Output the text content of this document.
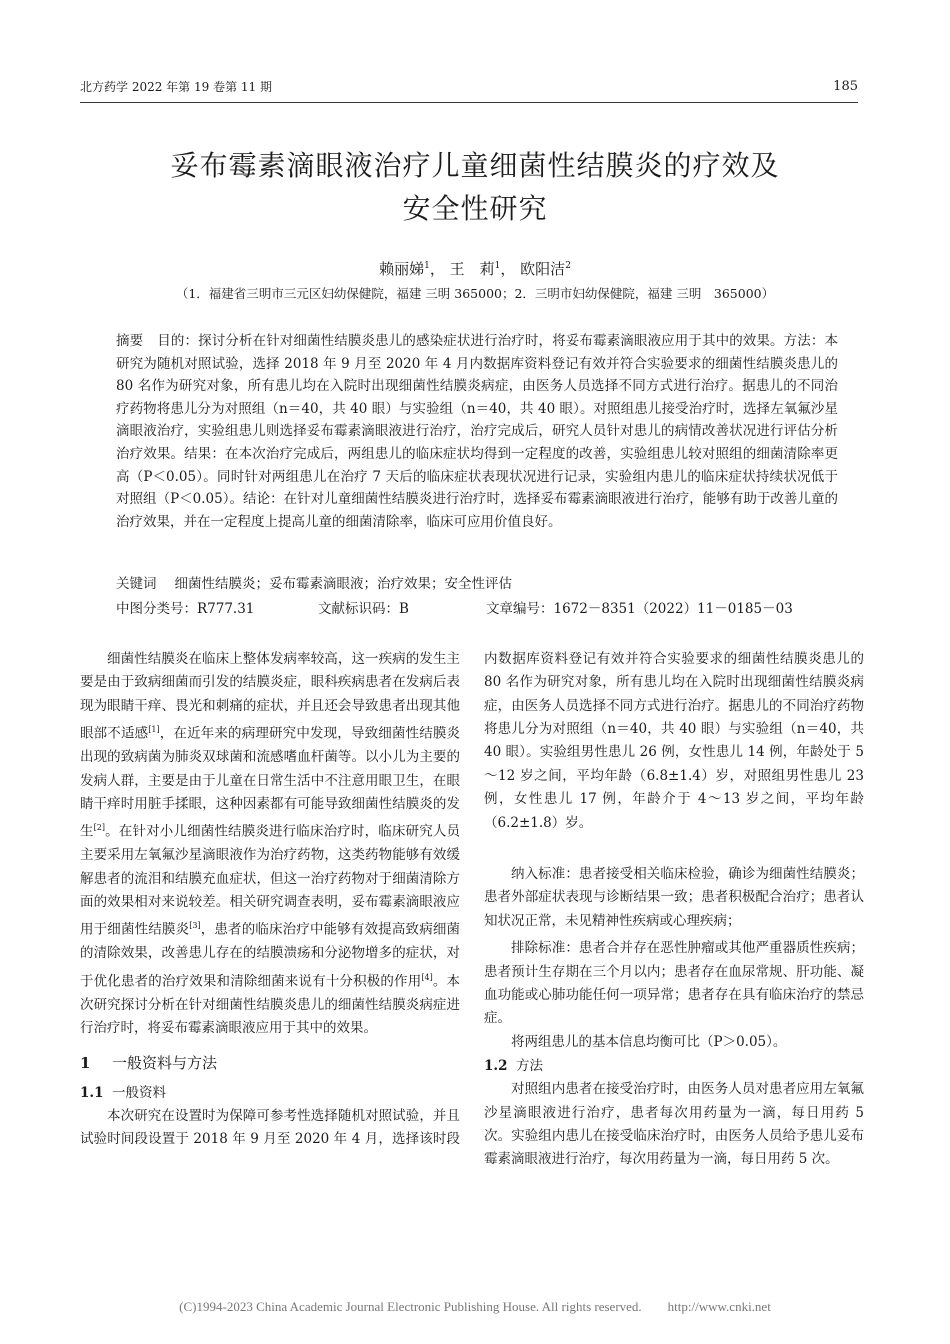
北方药学 2022 年第 19 卷第 11 期	185
妥布霉素滴眼液治疗儿童细菌性结膜炎的疗效及
安全性研究
赖丽娣$^1$， 王　莉$^1$， 欧阳洁$^2$
（1．福建省三明市三元区妇幼保健院，福建 三明 365000；2．三明市妇幼保健院，福建 三明　365000）

摘要 目的：探讨分析在针对细菌性结膜炎患儿的感染症状进行治疗时，将妥布霉素滴眼液应用于其中的效果。方法：本研究为随机对照试验，选择 2018 年 9 月至 2020 年 4 月内数据库资料登记有效并符合实验要求的细菌性结膜炎患儿的 80 名作为研究对象，所有患儿均在入院时出现细菌性结膜炎病症，由医务人员选择不同方式进行治疗。据患儿的不同治疗药物将患儿分为对照组（n＝40，共 40 眼）与实验组（n＝40，共 40 眼）。对照组患儿接受治疗时，选择左氧氟沙星滴眼液治疗，实验组患儿则选择妥布霉素滴眼液进行治疗，治疗完成后，研究人员针对患儿的病情改善状况进行评估分析治疗效果。结果：在本次治疗完成后，两组患儿的临床症状均得到一定程度的改善，实验组患儿较对照组的细菌清除率更高（P＜0.05）。同时针对两组患儿在治疗 7 天后的临床症状表现状况进行记录，实验组内患儿的临床症状持续状况低于对照组（P＜0.05）。结论：在针对儿童细菌性结膜炎进行治疗时，选择妥布霉素滴眼液进行治疗，能够有助于改善儿童的治疗效果，并在一定程度上提高儿童的细菌清除率，临床可应用价值良好。

关键词 细菌性结膜炎；妥布霉素滴眼液；治疗效果；安全性评估
中图分类号：R777.31	文献标识码：B	文章编号：1672－8351（2022）11－0185－03

细菌性结膜炎在临床上整体发病率较高，这一疾病的发生主要是由于致病细菌而引发的结膜炎症，眼科疾病患者在发病后表现为眼睛干痒、畏光和刺痛的症状，并且还会导致患者出现其他眼部不适感[1]，在近年来的病理研究中发现，导致细菌性结膜炎出现的致病菌为肺炎双球菌和流感嗜血杆菌等。以小儿为主要的发病人群，主要是由于儿童在日常生活中不注意用眼卫生，在眼睛干痒时用脏手揉眼，这种因素都有可能导致细菌性结膜炎的发生[2]。在针对小儿细菌性结膜炎进行临床治疗时，临床研究人员主要采用左氧氟沙星滴眼液作为治疗药物，这类药物能够有效缓解患者的流泪和结膜充血症状，但这一治疗药物对于细菌清除方面的效果相对来说较差。相关研究调查表明，妥布霉素滴眼液应用于细菌性结膜炎[3]，患者的临床治疗中能够有效提高致病细菌的清除效果，改善患儿存在的结膜溃疡和分泌物增多的症状，对于优化患者的治疗效果和清除细菌来说有十分积极的作用[4]。本次研究探讨分析在针对细菌性结膜炎患儿的细菌性结膜炎病症进行治疗时，将妥布霉素滴眼液应用于其中的效果。

1 一般资料与方法
1.1 一般资料

本次研究在设置时为保障可参考性选择随机对照试验，并且试验时间段设置于 2018 年 9 月至 2020 年 4 月，选择该时段

内数据库资料登记有效并符合实验要求的细菌性结膜炎患儿的 80 名作为研究对象，所有患儿均在入院时出现细菌性结膜炎病症，由医务人员选择不同方式进行治疗。据患儿的不同治疗药物将患儿分为对照组（n＝40，共 40 眼）与实验组（n＝40，共 40 眼）。实验组男性患儿 26 例，女性患儿 14 例，年龄处于 5～12 岁之间，平均年龄（6.8±1.4）岁，对照组男性患儿 23 例，女性患儿 17 例，年龄介于 4～13 岁之间，平均年龄（6.2±1.8）岁。

纳入标准：患者接受相关临床检验，确诊为细菌性结膜炎；患者外部症状表现与诊断结果一致；患者积极配合治疗；患者认知状况正常，未见精神性疾病或心理疾病；

排除标准：患者合并存在恶性肿瘤或其他严重器质性疾病；患者预计生存期在三个月以内；患者存在血尿常规、肝功能、凝血功能或心肺功能任何一项异常；患者存在具有临床治疗的禁忌症。

将两组患儿的基本信息均衡可比（P＞0.05）。

1.2 方法

对照组内患者在接受治疗时，由医务人员对患者应用左氧氟沙星滴眼液进行治疗，患者每次用药量为一滴，每日用药 5 次。实验组内患儿在接受临床治疗时，由医务人员给予患儿妥布霉素滴眼液进行治疗，每次用药量为一滴，每日用药 5 次。

(C)1994-2023 China Academic Journal Electronic Publishing House. All rights reserved.　　http://www.cnki.net
